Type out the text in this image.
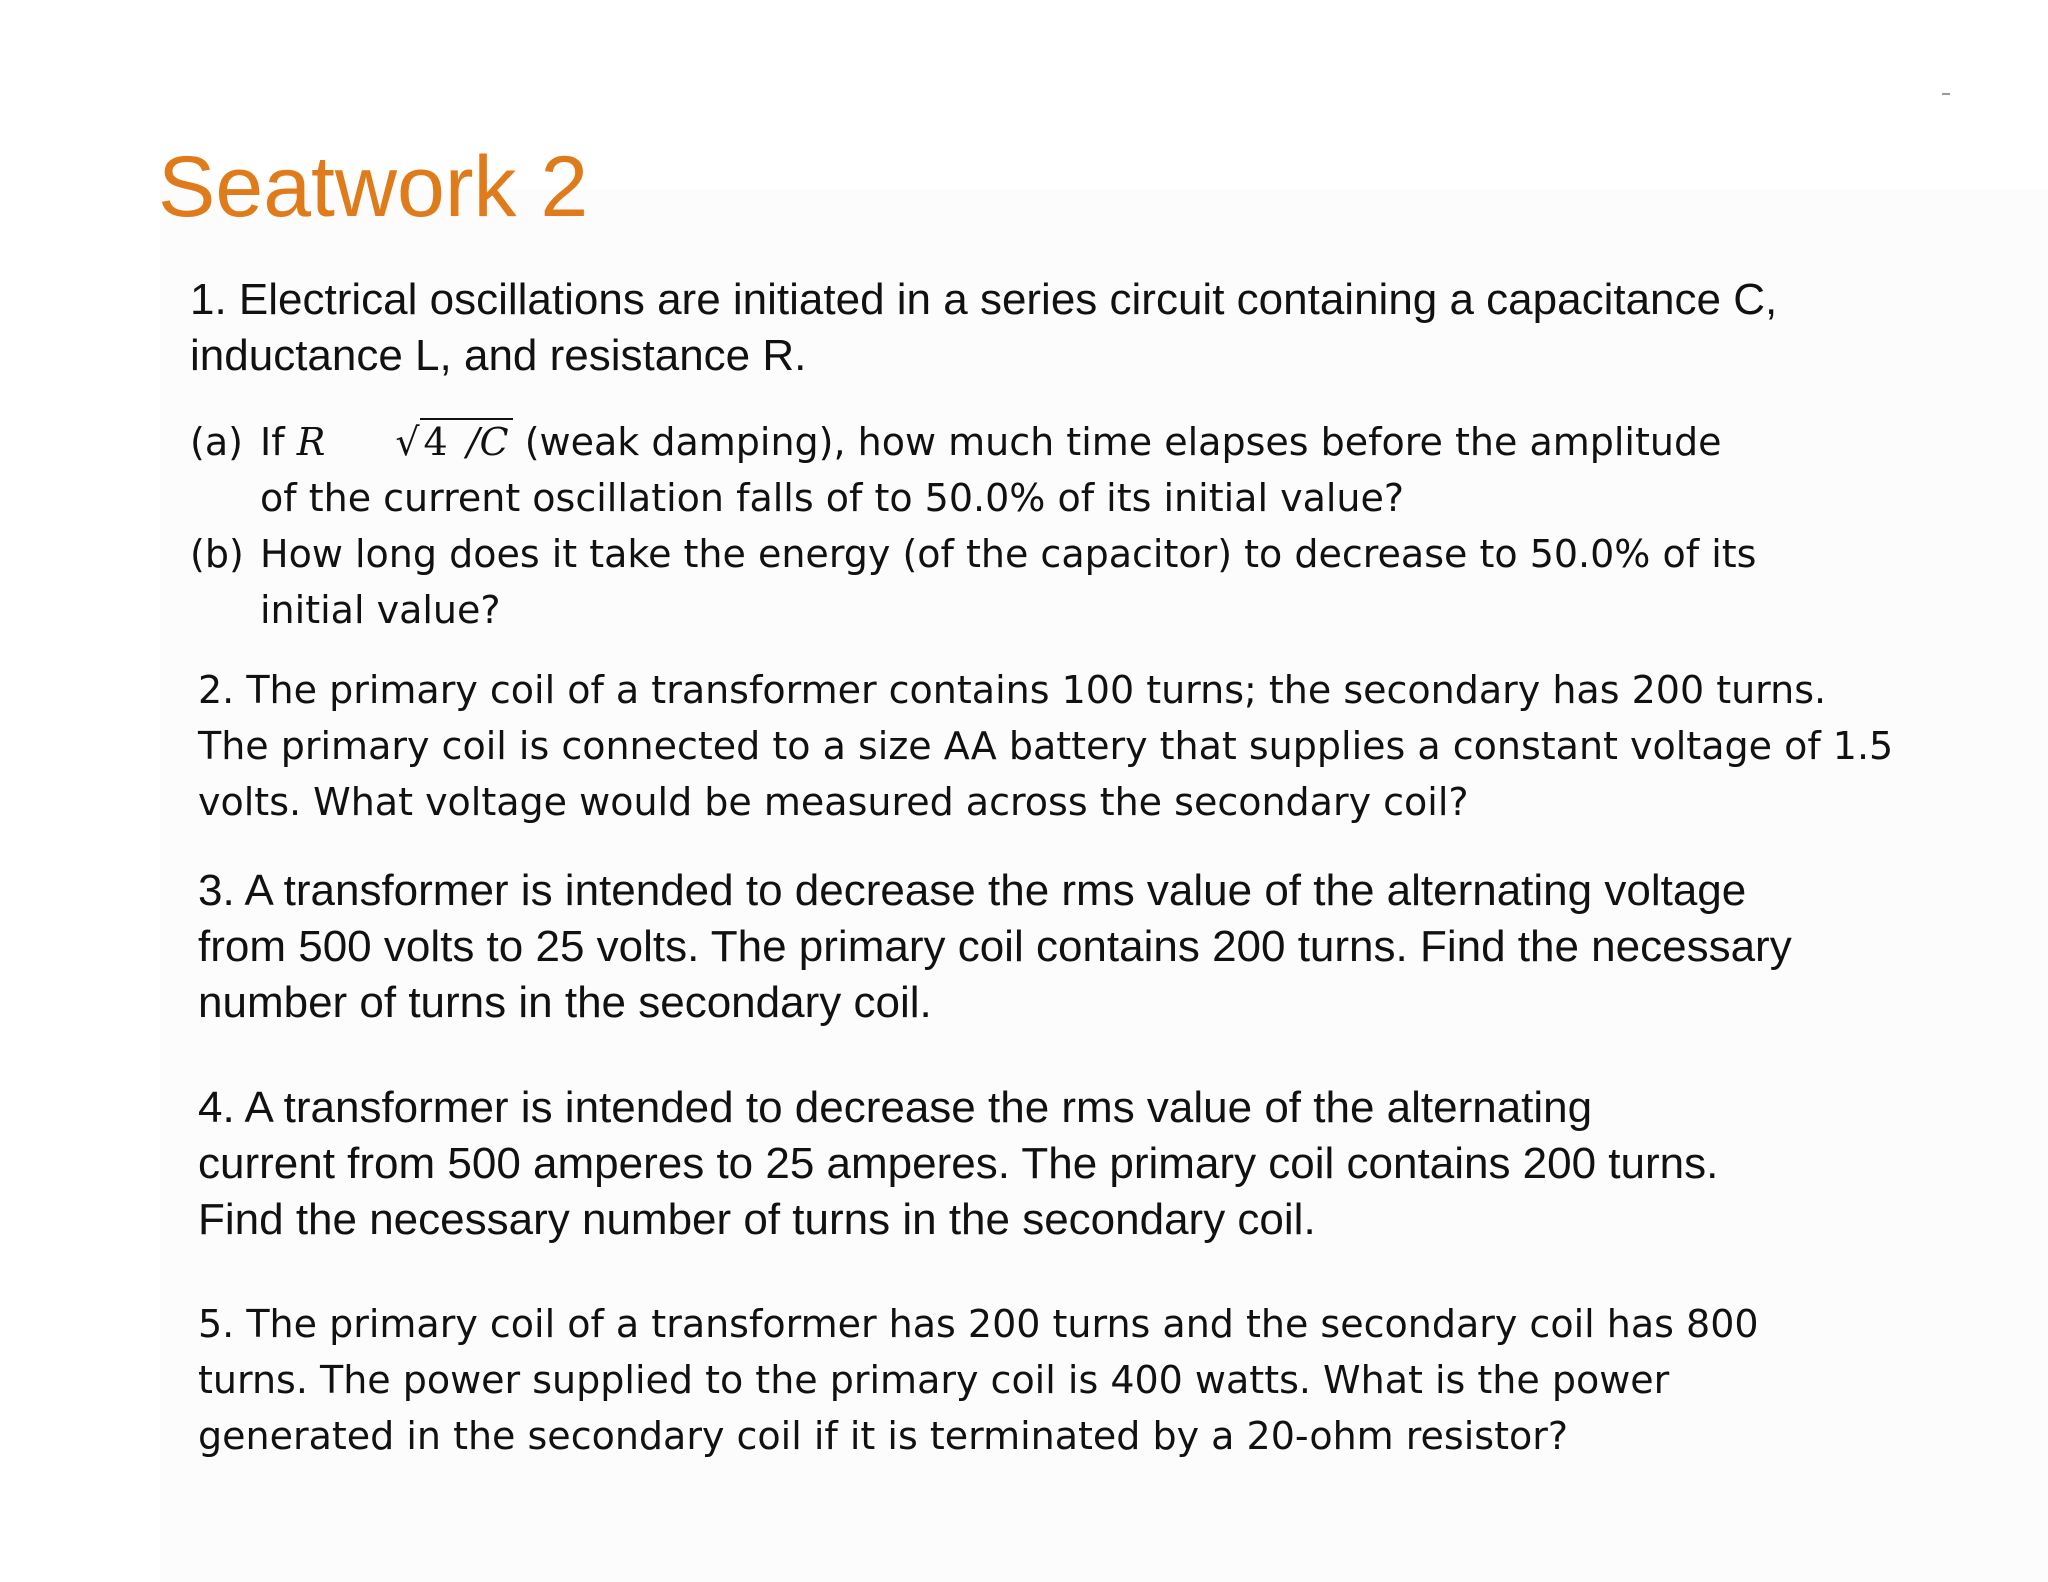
Seatwork 2
1. Electrical oscillations are initiated in a series circuit containing a capacitance C,
inductance L, and resistance R.
(a) If R √ 4  /C (weak damping), how much time elapses before the amplitude
of the current oscillation falls of to 50.0% of its initial value?
(b) How long does it take the energy (of the capacitor) to decrease to 50.0% of its
initial value?
2. The primary coil of a transformer contains 100 turns; the secondary has 200 turns.
The primary coil is connected to a size AA battery that supplies a constant voltage of 1.5
volts. What voltage would be measured across the secondary coil?
3. A transformer is intended to decrease the rms value of the alternating voltage
from 500 volts to 25 volts. The primary coil contains 200 turns. Find the necessary
number of turns in the secondary coil.
4. A transformer is intended to decrease the rms value of the alternating
current from 500 amperes to 25 amperes. The primary coil contains 200 turns.
Find the necessary number of turns in the secondary coil.
5. The primary coil of a transformer has 200 turns and the secondary coil has 800
turns. The power supplied to the primary coil is 400 watts. What is the power
generated in the secondary coil if it is terminated by a 20-ohm resistor?
